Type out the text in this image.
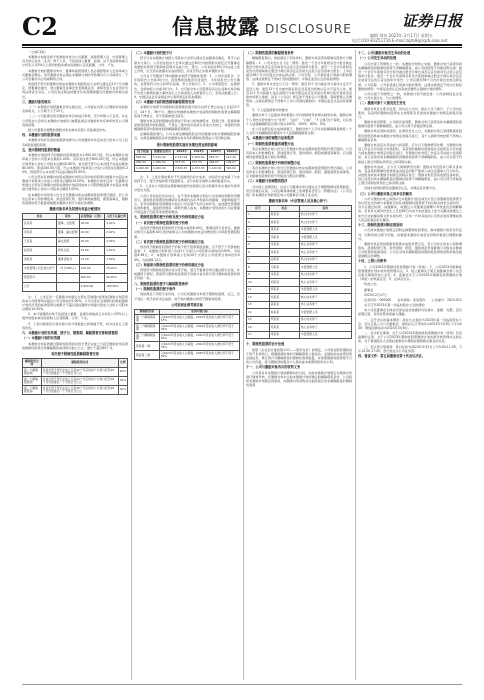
C2	信息披露 DISCLOSURE	证券日报
编辑 刘亮 2023年 2月17日 星期五
电话:010-83251716 E-mail:zqrb9@zqrb.sina.net

（上接C1版）

本激励计划首次授予的激励对象为公司董事、高级管理人员、中层管理人员及核心技术（业务）骨干人员，不包括独立董事、监事，也不包括单独或合计持有公司5%以上股份的股东或实际控制人及其配偶、父母、子女。

本激励计划的激励对象中，董事和高级管理人员必须经股东大会选举或公司董事会聘任。所有激励对象必须在本激励计划的考核期内与公司或其分、子公司签署劳动合同或聘用合同。

预留授予部分的激励对象由本激励计划经股东大会审议通过后12个月内确定，经董事会提出、独立董事及监事会发表明确意见、律师发表专业意见并出具法律意见书后，公司在指定网站按要求及时准确披露当次激励对象相关信息。

三、激励对象的核实

（一）本激励计划经董事会审议通过后，公司将在内部公示激励对象的姓名和职务，公示期不少于10天。

（二）公司监事会将对激励对象名单进行审核，充分听取公示意见，并在公司股东大会审议本激励计划前5日披露监事会对激励对象名单审核及公示情况的说明。

经公司董事会调整的激励对象名单亦应经公司监事会核实。

四、本激励计划的股票来源

本激励计划涉及的标的股票来源为公司向激励对象定向发行的本公司人民币A股普通股股票。

五、授出限制性股票的数量

本激励计划拟授予的限制性股票数量为1,000.00万股，约占本激励计划草案公告时公司股本总额的1.00%。其中首次授予800.00万股，约占本激励计划草案公告时公司股本总额的0.80%，首次授予部分占本次授予权益总额的80.00%；预留200.00万股，约占本激励计划草案公告时公司股本总额的0.20%，预留部分占本次授予权益总额的20.00%。

公司全部在有效期内的股权激励计划所涉及的标的股票总数累计未超过本激励计划草案公告时公司股本总额的10.00%。本激励计划中任何一名激励对象通过全部在有效期内的股权激励计划获授的本公司股票数量累计未超过本激励计划草案公告时公司股本总额的1.00%。

在本激励计划草案公告当日至激励对象完成限制性股票登记期间，若公司发生资本公积转增股本、派发股票红利、股份拆细或缩股、配股等事宜，限制性股票的授予数量将根据本激励计划予以相应的调整。

激励对象名单及拟授出权益分配情况
姓名	职务	获授数量（万股）	占授予总量比例
张某某	董事、总经理	30.00	3.00%
李某某	董事、副总经理	20.00	2.00%
王某某	副总经理	20.00	2.00%
赵某某	财务总监	15.00	1.50%
刘某某	董事会秘书	15.00	1.50%
中层管理人员及核心骨干	（共计186人）	700.00	70.00%
预留部分		200.00	20.00%
合计		1,000.00	100.00%

注：1、上述任何一名激励对象通过全部在有效期内的股权激励计划获授的本公司股票均未超过公司总股本的1.00%。公司全部在有效期内的股权激励计划所涉及的标的股票总数累计不超过股权激励计划提交股东大会时公司股本总额的10.00%。

2、本计划激励对象不包括独立董事、监事及单独或合计持有公司5%以上股份的股东或实际控制人及其配偶、父母、子女。

3、上表中数值若出现总数与各分项数值之和尾数不符，均为四舍五入原因所致。

六、本激励计划的有效期、授予日、限售期、解除限售安排和禁售期

（一）本激励计划的有效期

本激励计划有效期自限制性股票首次授予登记完成之日起至激励对象获授的限制性股票全部解除限售或回购注销之日止，最长不超过60个月。

首次授予限制性股票解除限售安排
解除限售安排	解除限售时间	比例
第一个解除限售期	自首次授予登记完成之日起12个月后的首个交易日起至24个月内的最后一个交易日当日止	40%
第二个解除限售期	自首次授予登记完成之日起24个月后的首个交易日起至36个月内的最后一个交易日当日止	30%
第三个解除限售期	自首次授予登记完成之日起36个月后的首个交易日起至48个月内的最后一个交易日当日止	30%

（二）本激励计划的授予日

授予日在本激励计划经公司股东大会审议通过后由董事会确定，授予日必须为交易日。公司需在股东大会审议通过后60日内按照相关规定召开董事会向激励对象授予限制性股票并完成公告、登记。公司未能在60日内完成上述工作的，应当及时披露未完成的原因，并宣告终止实施本激励计划。

公司在下列期间不得向激励对象授予限制性股票：1、公司年度报告、半年度报告公告前30日内，因特殊原因推迟年度报告、半年度报告公告日期的，自原预约公告日前30日起算，至公告前1日；2、公司季度报告、业绩预告、业绩快报公告前10日内；3、自可能对本公司股票及其衍生品种交易价格产生较大影响的重大事件发生之日或者进入决策程序之日，至依法披露之日；4、中国证监会及深圳证券交易所规定的其他期间。

（三）本激励计划的限售期和解除限售安排

本激励计划授予的限制性股票限售期分别为自授予登记完成之日起12个月、24个月、36个月。激励对象根据本激励计划获授的限制性股票在解除限售前不得转让、用于担保或偿还债务。

激励对象获授的限制性股票由于资本公积转增股本、股票红利、股票拆细而取得的股份同时限售，不得在二级市场出售或以其他方式转让，该等股份的解除限售期与限制性股票解除限售期相同。

在解除限售期内，公司为满足解除限售条件的激励对象办理解除限售事宜，未满足解除限售条件的激励对象持有的限制性股票由公司回购注销。

预计限制性股票实施对各期经营业绩的影响
授予数量	需摊销总费用	2023年	2024年	2025年	2026年
800.00	5,120.00	2,133.33	1,920.00	853.33	213.33
200.00	1,280.00	373.33	533.33	266.67	106.67
1,000.00	6,400.00	2,506.67	2,453.33	1,120.00	320.00

注：1、上述计算结果并不代表最终的会计成本。实际会计成本除了与实际授予日、授予价格和授予数量相关，还与实际生效和失效的数量有关。

2、上述对公司经营成果影响的最终结果将以会计师事务所出具的年度审计报告为准。

公司以目前信息初步估计，在不考虑本激励计划对公司业绩的刺激作用情况下，限制性股票费用的摊销对有效期内各年净利润有所影响，但影响程度不大。若考虑限制性股票激励计划对公司发展产生的正向作用，由此激发管理团队的积极性，提高经营效率，降低代理人成本，本激励计划带来的公司业绩提升将远高于因其带来的费用增加。

七、限制性股票的授予价格及授予价格的确定方法

（一）首次授予限制性股票的授予价格

首次授予限制性股票的授予价格为每股6.40元，即满足授予条件后，激励对象可以每股6.40元的价格购买公司向激励对象定向增发的公司A股普通股股票。

（二）首次授予限制性股票的授予价格的确定方法

首次授予限制性股票授予价格不低于股票票面金额，且不低于下列价格较高者：1、本激励计划草案公告前1个交易日公司股票交易均价的50%，为每股6.38元；2、本激励计划草案公告前20个交易日公司股票交易均价的50%，为每股6.12元。

（三）预留部分限制性股票的授予价格的确定方法

预留部分限制性股票在每次授予前，须召开董事会审议通过相关议案，并披露授予情况。预留部分限制性股票授予价格与首次授予部分限制性股票的授予价格一致。

八、限制性股票的授予与解除限售条件

（一）限制性股票的授予条件

同时满足下列授予条件时，公司应向激励对象授予限制性股票，反之，若下列任一授予条件未达成的，则不能向激励对象授予限制性股票。

公司层面业绩考核目标
解除限售期	业绩考核目标
第一个解除限售期	以2022年营业收入为基数，2023年营业收入增长率不低于15%
第二个解除限售期	以2022年营业收入为基数，2024年营业收入增长率不低于32%
第三个解除限售期	以2022年营业收入为基数，2025年营业收入增长率不低于52%
预留第一期	以2022年营业收入为基数，2024年营业收入增长率不低于32%
预留第二期	以2022年营业收入为基数，2025年营业收入增长率不低于52%

（二）限制性股票的解除限售条件

解除限售期内，同时满足下列条件时，激励对象获授的限制性股票方可解除限售：1、公司未发生以下任一情形：最近一个会计年度财务会计报告被注册会计师出具否定意见或者无法表示意见的审计报告；最近一个会计年度财务报告内部控制被注册会计师出具否定意见或无法表示意见的审计报告；上市后最近36个月内出现过未按法律法规、公司章程、公开承诺进行利润分配的情形；法律法规规定不得实行股权激励的；中国证监会认定的其他情形。

2、激励对象未发生以下任一情形：最近12个月内被证券交易所认定为不适当人选；最近12个月内被中国证监会及其派出机构认定为不适当人选；最近12个月内因重大违法违规行为被中国证监会及其派出机构行政处罚或者采取市场禁入措施；具有《公司法》规定的不得担任公司董事、高级管理人员情形的；法律法规规定不得参与上市公司股权激励的；中国证监会认定的其他情形。

3、个人层面绩效考核要求

激励对象个人层面的考核根据公司内部绩效考核相关制度实施。激励对象个人考核评价结果分为“优秀”、“良好”、“合格”、“不合格”四个等级，对应的个人层面解除限售比例分别为100%、100%、80%、0%。

在公司业绩目标达成的前提下，激励对象个人当年实际解除限售额度＝个人当年计划解除限售额度×个人层面解除限售比例。

九、本激励计划的调整方法和程序

（一）限制性股票数量的调整方法

若在本激励计划公告当日至激励对象完成限制性股票股份登记期间，公司有资本公积转增股本、派送股票红利、股份拆细、配股或缩股等事项，应对限制性股票数量进行相应的调整。

（二）限制性股票授予价格的调整方法

若在本激励计划公告当日至激励对象完成限制性股票股份登记期间，公司有资本公积转增股本、派送股票红利、股份拆细、配股、缩股或派息等事项，应对限制性股票的授予价格进行相应的调整。

（三）本激励计划调整的程序

当出现上述情况时，应由公司董事会审议通过关于调整限制性股票数量、授予价格的议案。公司应聘请律师就上述调整是否符合《管理办法》、《公司章程》和本激励计划的规定向公司董事会出具专业意见。

激励对象名单（中层管理人员及核心骨干）
序号	姓名	职务
1	陈某某	核心技术骨干
2	杨某某	核心技术骨干
3	黄某某	中层管理人员
4	周某某	中层管理人员
5	吴某某	核心业务骨干
6	徐某某	核心业务骨干
7	孙某某	核心技术骨干
8	马某某	中层管理人员
9	朱某某	核心技术骨干
10	胡某某	核心业务骨干
11	郭某某	中层管理人员
12	何某某	核心技术骨干
13	高某某	核心业务骨干
14	林某某	中层管理人员
15	罗某某	核心技术骨干
16	郑某某	核心业务骨干
17	梁某某	中层管理人员

十、限制性股票的会计处理

按照《企业会计准则第11号——股份支付》的规定，公司将在限售期的每个资产负债表日，根据最新取得的可解除限售人数变动、业绩指标完成情况等后续信息，修正预计可解除限售的限制性股票数量，并按照限制性股票授予日的公允价值，将当期取得的服务计入相关成本或费用和资本公积。

十一、公司与激励对象各自的权利义务

公司具有对本激励计划的解释和执行权，并按本激励计划规定对激励对象进行绩效考核，若激励对象未达到本激励计划所确定的解除限售条件，公司将按本激励计划规定的原则，向激励对象回购并注销其相应尚未解除限售的限制性股票。

十二、公司/激励对象发生异动的处理

（一）公司发生异动的处理

公司出现下列情形之一的，本激励计划终止实施，激励对象已获授但尚未解除限售的限制性股票不得解除限售，由公司按照授予价格回购注销：最近一个会计年度财务会计报告被注册会计师出具否定意见或者无法表示意见的审计报告；最近一个会计年度财务报告内部控制被注册会计师出具否定意见或者无法表示意见的审计报告；上市后最近36个月内出现过未按法律法规、公司章程、公开承诺进行利润分配的情形；法律法规规定不得实行股权激励的情形；中国证监会认定的其他需要终止激励计划的情形。

公司出现下列情形之一的，本激励计划不做变更：公司控制权发生变更；公司出现合并、分立的情形。

（二）激励对象个人情况发生变化

激励对象发生职务变更，但仍在公司内，或在公司下属分、子公司内任职的，其获授的限制性股票完全按照职务变更前本激励计划规定的程序进行。

激励对象因辞职、公司裁员而离职，激励对象已获授但尚未解除限售的限制性股票不得解除限售，由公司以授予价格回购注销。

激励对象因退休而离职，在情况发生之日，对激励对象已获授限制性股票可按照退休前本激励计划规定的程序进行，其个人绩效考核结果不再纳入解除限售条件。

激励对象因丧失劳动能力而离职，应分以下两种情况处理：当激励对象因工伤丧失劳动能力而离职时，其获授的限制性股票将完全按照丧失劳动能力前本激励计划规定的程序进行；当激励对象非因工伤丧失劳动能力而离职时，其已获授但尚未解除限售的限制性股票不得解除限售，由公司以授予价格加上银行同期存款利息之和回购注销。

激励对象身故，应分以下两种情况处理：激励对象若因执行职务身故的，其获授的限制性股票将由其指定的财产继承人或法定继承人代为持有，并按照身故前本激励计划规定的程序进行；激励对象若因其他原因身故的，其已获授但尚未解除限售的限制性股票不得解除限售，由公司以授予价格加上银行同期存款利息之和回购注销。

其他未说明的情况由董事会认定，并确定其处理方式。

（三）公司与激励对象之间争议的解决

公司与激励对象之间因执行本激励计划及/或双方签订的限制性股票授予协议所发生的或与本激励计划及/或限制性股票授予协议相关的争议或纠纷，双方应通过协商、沟通解决，或通过公司董事会薪酬与考核委员会调解解决。若自争议或纠纷发生之日起60日内双方未能通过上述方式解决或通过上述方式未能解决相关争议或纠纷，任何一方均有权向公司所在地有管辖权的人民法院提起诉讼解决。

十三、限制性股票回购注销原则

公司按本激励计划规定回购注销限制性股票的，除本激励计划另有约定外，回购价格为授予价格，但根据本激励计划需对回购价格进行调整的除外。

激励对象获授的限制性股票完成股份登记后，若公司发生资本公积转增股本、派送股票红利、股份拆细、配股、缩股或派息等影响公司股本总额或公司股票价格事项的，公司应对尚未解除限售的限制性股票的回购价格及数量做相应的调整。

十四、上网公告附件

1、公司2023年限制性股票激励计划（草案）；2、公司2023年限制性股票激励计划实施考核管理办法；3、独立董事关于第五届董事会第十次会议相关事项的独立意见；4、监事会关于公司2023年限制性股票激励计划（草案）的核查意见；5、法律意见书。

特此公告。

董事会

2023年2月17日

证券代码：000000　　证券简称：某某股份　　公告编号：2023-012

关于召开2023年第一次临时股东大会的通知

本公司及董事会全体成员保证信息披露的内容真实、准确、完整，没有虚假记载、误导性陈述或重大遗漏。

一、召开会议的基本情况：股东大会届次为2023年第一次临时股东大会；会议召集人为公司董事会；现场会议召开时间为2023年3月6日下午14:30；网络投票时间为2023年3月6日。

二、会议审议事项：关于公司2023年限制性股票激励计划（草案）及其摘要的议案；关于公司2023年限制性股票激励计划实施考核管理办法的议案；关于提请股东大会授权董事会办理股权激励相关事宜的议案。

三、会议登记等事项：登记时间为2023年3月3日上午9:00-11:30，下午13:30-17:00；登记地点为公司证券部。

四、备查文件：第五届董事会第十次会议决议。
